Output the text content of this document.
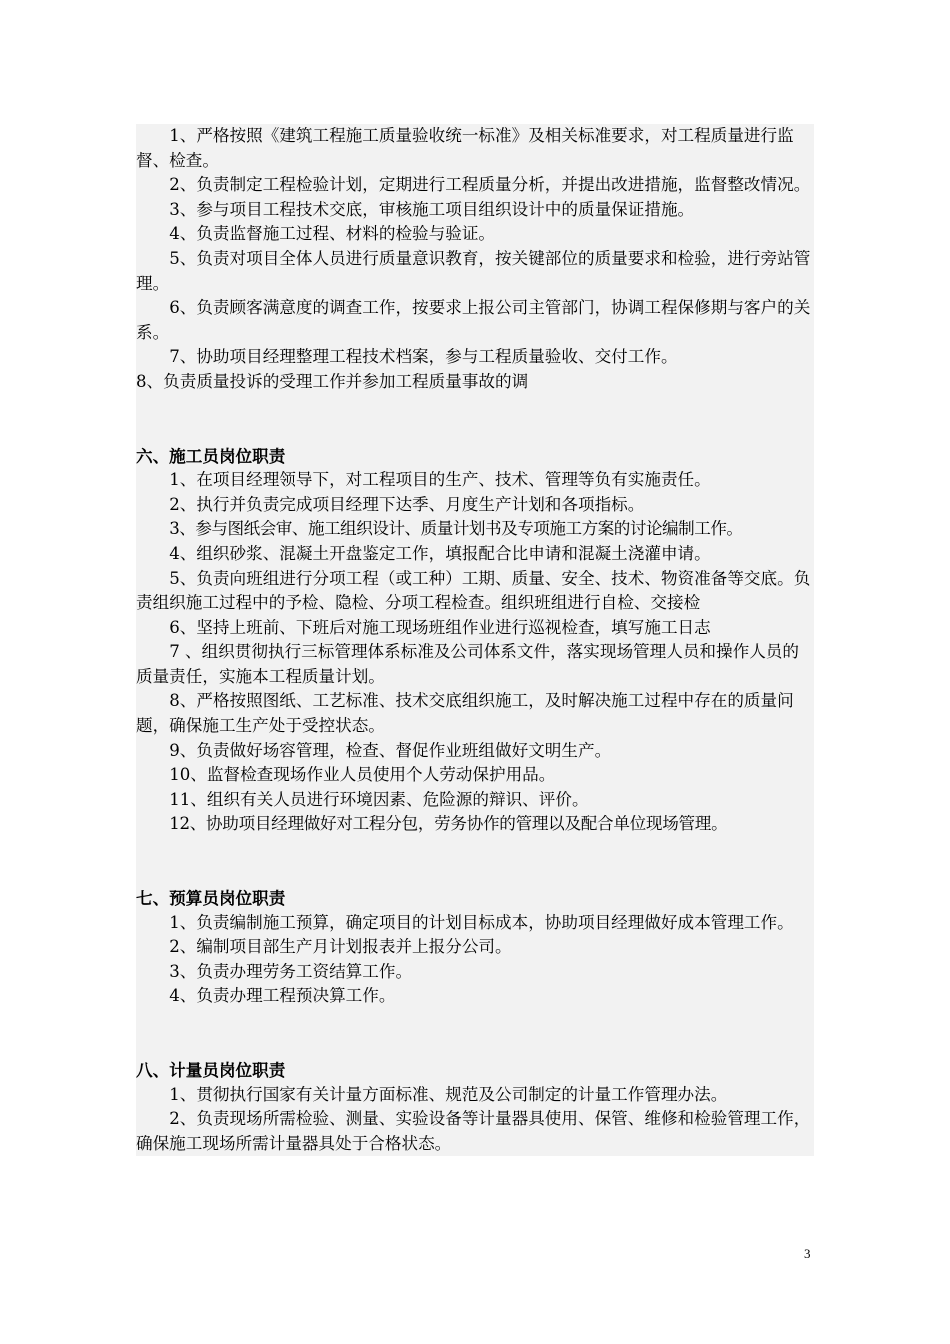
1、严格按照《建筑工程施工质量验收统一标准》及相关标准要求，对工程质量进行监督、检查。

2、负责制定工程检验计划，定期进行工程质量分析，并提出改进措施，监督整改情况。

3、参与项目工程技术交底，审核施工项目组织设计中的质量保证措施。

4、负责监督施工过程、材料的检验与验证。

5、负责对项目全体人员进行质量意识教育，按关键部位的质量要求和检验，进行旁站管理。

6、负责顾客满意度的调查工作，按要求上报公司主管部门，协调工程保修期与客户的关系。

7、协助项目经理整理工程技术档案，参与工程质量验收、交付工作。

8、负责质量投诉的受理工作并参加工程质量事故的调

六、施工员岗位职责

1、在项目经理领导下，对工程项目的生产、技术、管理等负有实施责任。

2、执行并负责完成项目经理下达季、月度生产计划和各项指标。

3、参与图纸会审、施工组织设计、质量计划书及专项施工方案的讨论编制工作。

4、组织砂浆、混凝土开盘鉴定工作，填报配合比申请和混凝土浇灌申请。

5、负责向班组进行分项工程（或工种）工期、质量、安全、技术、物资准备等交底。负责组织施工过程中的予检、隐检、分项工程检查。组织班组进行自检、交接检

6、坚持上班前、下班后对施工现场班组作业进行巡视检查，填写施工日志

7 、组织贯彻执行三标管理体系标准及公司体系文件，落实现场管理人员和操作人员的质量责任，实施本工程质量计划。

8、严格按照图纸、工艺标准、技术交底组织施工，及时解决施工过程中存在的质量问题，确保施工生产处于受控状态。

9、负责做好场容管理，检查、督促作业班组做好文明生产。

10、监督检查现场作业人员使用个人劳动保护用品。

11、组织有关人员进行环境因素、危险源的辩识、评价。

12、协助项目经理做好对工程分包，劳务协作的管理以及配合单位现场管理。

七、预算员岗位职责

1、负责编制施工预算，确定项目的计划目标成本，协助项目经理做好成本管理工作。

2、编制项目部生产月计划报表并上报分公司。

3、负责办理劳务工资结算工作。

4、负责办理工程预决算工作。

八、计量员岗位职责

1、贯彻执行国家有关计量方面标准、规范及公司制定的计量工作管理办法。

2、负责现场所需检验、测量、实验设备等计量器具使用、保管、维修和检验管理工作，确保施工现场所需计量器具处于合格状态。

3
